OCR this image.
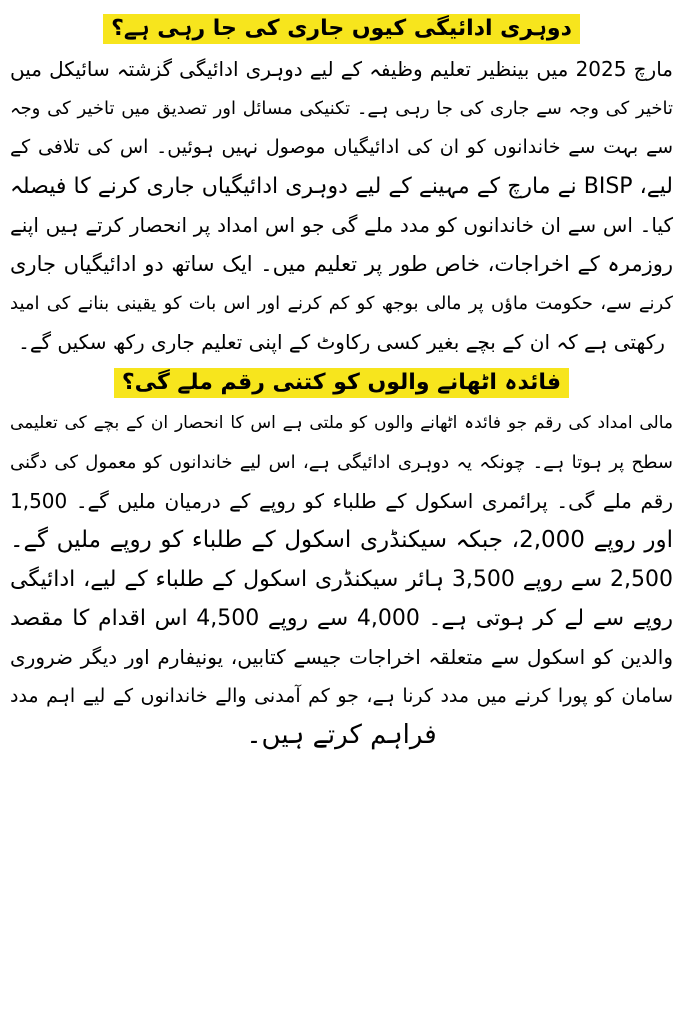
دوہری ادائیگی کیوں جاری کی جا رہی ہے؟
مارچ 2025 میں بینظیر تعلیم وظیفہ کے لیے دوہری ادائیگی گزشتہ سائیکل میں
تاخیر کی وجہ سے جاری کی جا رہی ہے۔ تکنیکی مسائل اور تصدیق میں تاخیر کی وجہ
سے بہت سے خاندانوں کو ان کی ادائیگیاں موصول نہیں ہوئیں۔ اس کی تلافی کے
لیے، BISP نے مارچ کے مہینے کے لیے دوہری ادائیگیاں جاری کرنے کا فیصلہ
کیا۔ اس سے ان خاندانوں کو مدد ملے گی جو اس امداد پر انحصار کرتے ہیں اپنے
روزمرہ کے اخراجات، خاص طور پر تعلیم میں۔ ایک ساتھ دو ادائیگیاں جاری
کرنے سے، حکومت ماؤں پر مالی بوجھ کو کم کرنے اور اس بات کو یقینی بنانے کی امید
رکھتی ہے کہ ان کے بچے بغیر کسی رکاوٹ کے اپنی تعلیم جاری رکھ سکیں گے۔
فائدہ اٹھانے والوں کو کتنی رقم ملے گی؟
مالی امداد کی رقم جو فائدہ اٹھانے والوں کو ملتی ہے اس کا انحصار ان کے بچے کی تعلیمی
سطح پر ہوتا ہے۔ چونکہ یہ دوہری ادائیگی ہے، اس لیے خاندانوں کو معمول کی دگنی
رقم ملے گی۔ پرائمری اسکول کے طلباء کو روپے کے درمیان ملیں گے۔ 1,500
اور روپے 2,000، جبکہ سیکنڈری اسکول کے طلباء کو روپے ملیں گے۔
2,500 سے روپے 3,500 ہائر سیکنڈری اسکول کے طلباء کے لیے، ادائیگی
روپے سے لے کر ہوتی ہے۔ 4,000 سے روپے 4,500 اس اقدام کا مقصد
والدین کو اسکول سے متعلقہ اخراجات جیسے کتابیں، یونیفارم اور دیگر ضروری
سامان کو پورا کرنے میں مدد کرنا ہے، جو کم آمدنی والے خاندانوں کے لیے اہم مدد
فراہم کرتے ہیں۔
